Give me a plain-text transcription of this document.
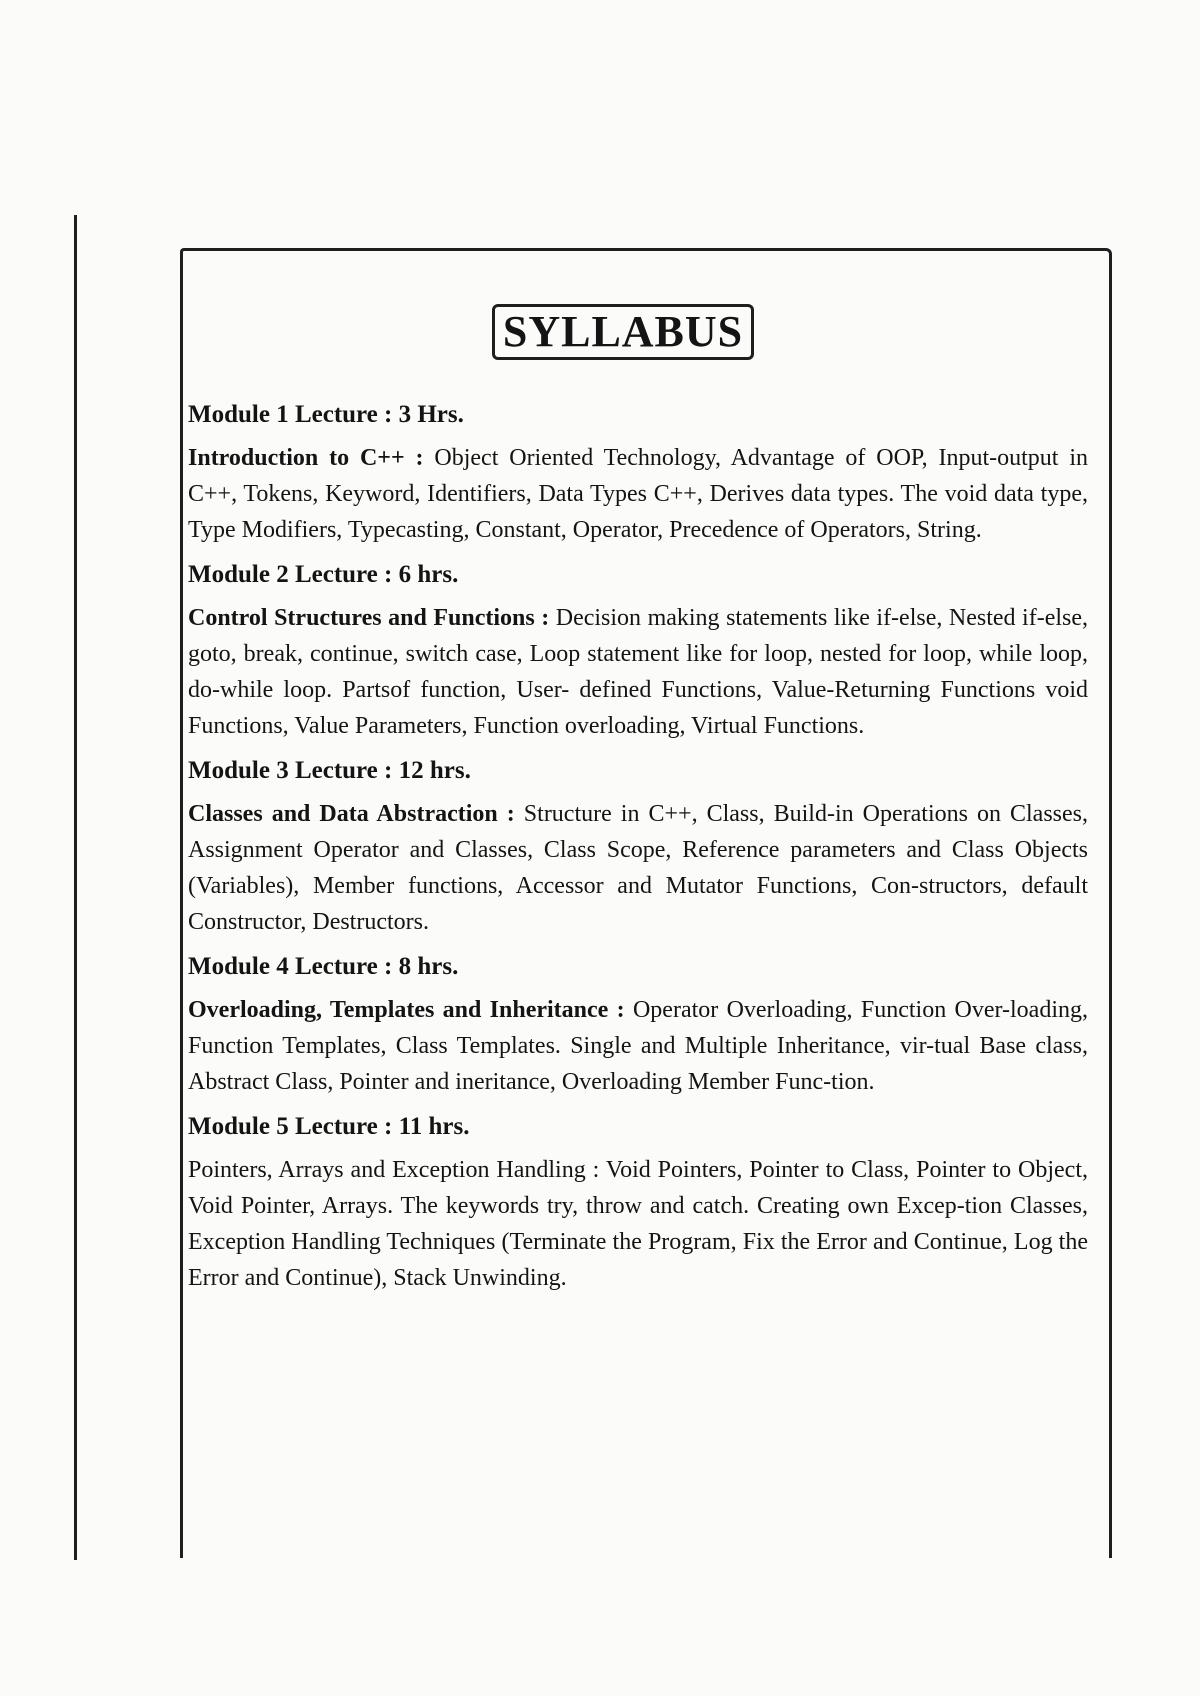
SYLLABUS
Module 1 Lecture : 3 Hrs.
Introduction to C++ : Object Oriented Technology, Advantage of OOP, Input-output in C++, Tokens, Keyword, Identifiers, Data Types C++, Derives data types. The void data type, Type Modifiers, Typecasting, Constant, Operator, Precedence of Operators, String.
Module 2 Lecture : 6 hrs.
Control Structures and Functions : Decision making statements like if-else, Nested if-else, goto, break, continue, switch case, Loop statement like for loop, nested for loop, while loop, do-while loop. Partsof function, User- defined Functions, Value-Returning Functions void Functions, Value Parameters, Function overloading, Virtual Functions.
Module 3 Lecture : 12 hrs.
Classes and Data Abstraction : Structure in C++, Class, Build-in Operations on Classes, Assignment Operator and Classes, Class Scope, Reference parameters and Class Objects (Variables), Member functions, Accessor and Mutator Functions, Con-structors, default Constructor, Destructors.
Module 4 Lecture : 8 hrs.
Overloading, Templates and Inheritance : Operator Overloading, Function Over-loading, Function Templates, Class Templates. Single and Multiple Inheritance, vir-tual Base class, Abstract Class, Pointer and ineritance, Overloading Member Func-tion.
Module 5 Lecture : 11 hrs.
Pointers, Arrays and Exception Handling : Void Pointers, Pointer to Class, Pointer to Object, Void Pointer, Arrays. The keywords try, throw and catch. Creating own Excep-tion Classes, Exception Handling Techniques (Terminate the Program, Fix the Error and Continue, Log the Error and Continue), Stack Unwinding.
